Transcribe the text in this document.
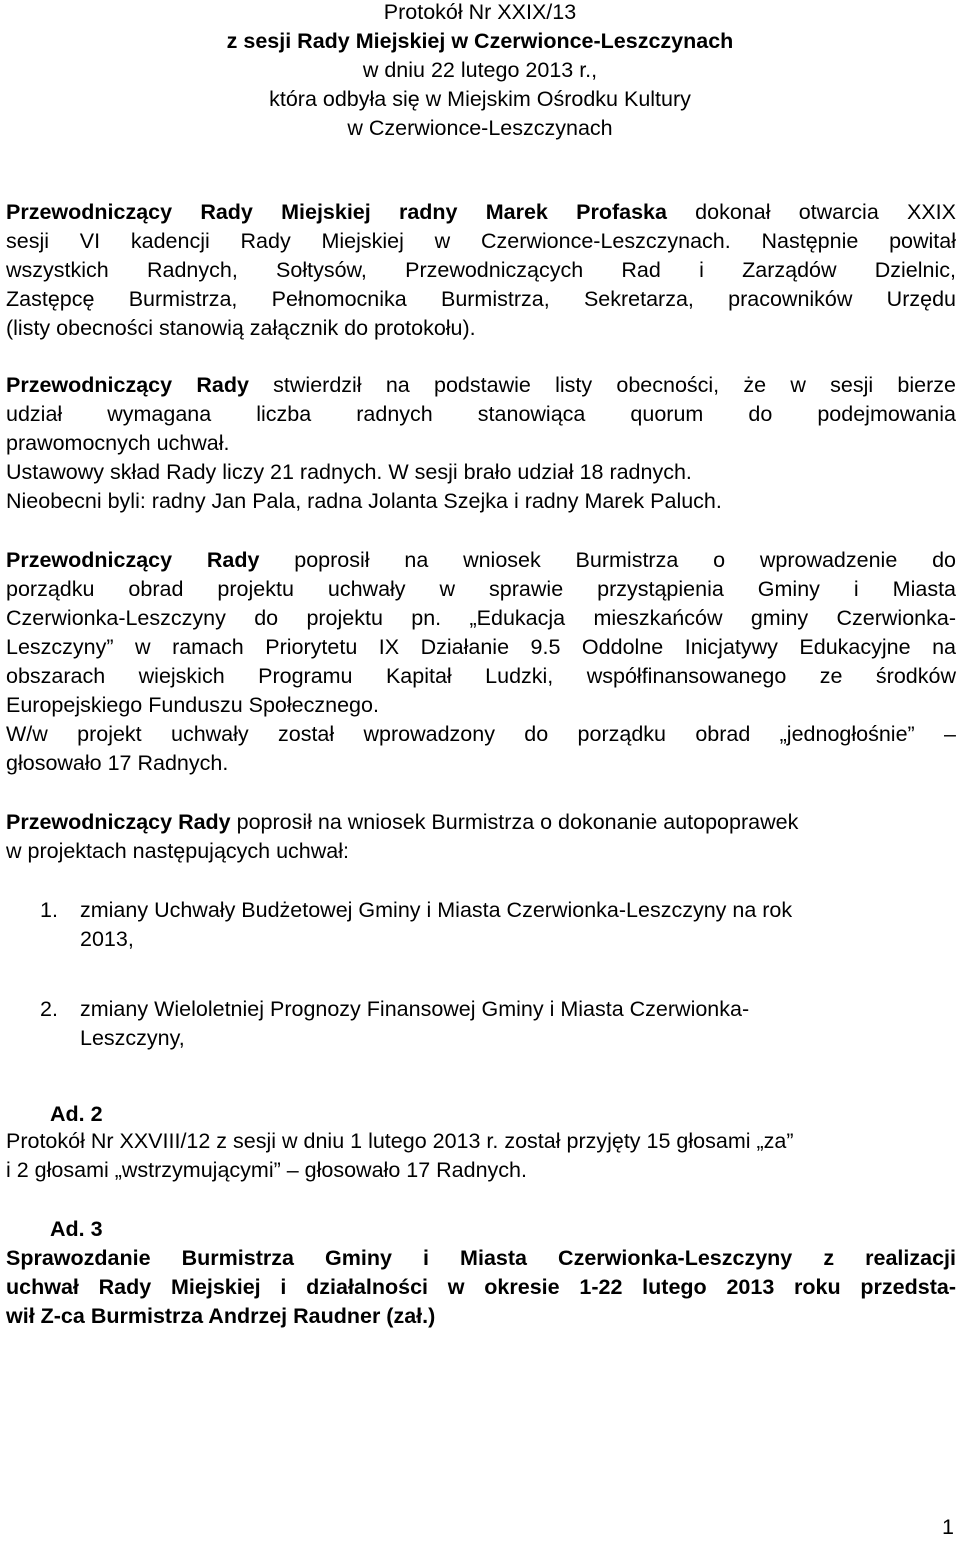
Protokół Nr XXIX/13
z sesji Rady Miejskiej w Czerwionce-Leszczynach
w dniu 22 lutego 2013 r.,
która odbyła się w Miejskim Ośrodku Kultury
w Czerwionce-Leszczynach
Przewodniczący Rady Miejskiej radny Marek Profaska dokonał otwarcia XXIX
sesji VI kadencji Rady Miejskiej w Czerwionce-Leszczynach. Następnie powitał
wszystkich Radnych, Sołtysów, Przewodniczących Rad i Zarządów Dzielnic,
Zastępcę Burmistrza, Pełnomocnika Burmistrza, Sekretarza, pracowników Urzędu
(listy obecności stanowią załącznik do protokołu).
Przewodniczący Rady stwierdził na podstawie listy obecności, że w sesji bierze
udział wymagana liczba radnych stanowiąca quorum do podejmowania
prawomocnych uchwał.
Ustawowy skład Rady liczy 21 radnych. W sesji brało udział 18 radnych.
Nieobecni byli: radny Jan Pala, radna Jolanta Szejka i radny Marek Paluch.
Przewodniczący Rady poprosił na wniosek Burmistrza o wprowadzenie do
porządku obrad projektu uchwały w sprawie przystąpienia Gminy i Miasta
Czerwionka-Leszczyny do projektu pn. „Edukacja mieszkańców gminy Czerwionka-
Leszczyny” w ramach Priorytetu IX Działanie 9.5 Oddolne Inicjatywy Edukacyjne na
obszarach wiejskich Programu Kapitał Ludzki, współfinansowanego ze środków
Europejskiego Funduszu Społecznego.
W/w projekt uchwały został wprowadzony do porządku obrad „jednogłośnie” –
głosowało 17 Radnych.
Przewodniczący Rady poprosił na wniosek Burmistrza o dokonanie autopoprawek
w projektach następujących uchwał:
1. zmiany Uchwały Budżetowej Gminy i Miasta Czerwionka-Leszczyny na rok
2013,
2. zmiany Wieloletniej Prognozy Finansowej Gminy i Miasta Czerwionka-
Leszczyny,
Ad. 2
Protokół Nr XXVIII/12 z sesji w dniu 1 lutego 2013 r. został przyjęty 15 głosami „za”
i 2 głosami „wstrzymującymi” – głosowało 17 Radnych.
Ad. 3
Sprawozdanie Burmistrza Gminy i Miasta Czerwionka-Leszczyny z realizacji
uchwał Rady Miejskiej i działalności w okresie 1-22 lutego 2013 roku przedsta-
wił Z-ca Burmistrza Andrzej Raudner (zał.)
1
